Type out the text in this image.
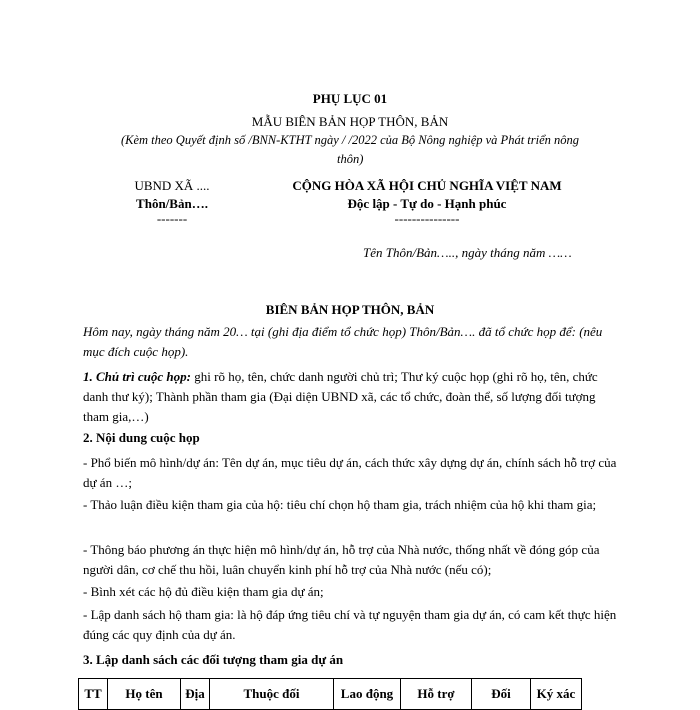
PHỤ LỤC 01
MẪU BIÊN BẢN HỌP THÔN, BẢN
(Kèm theo Quyết định số /BNN-KTHT ngày / /2022 của Bộ Nông nghiệp và Phát triển nông
thôn)
UBND XÃ ....
Thôn/Bản….
-------
CỘNG HÒA XÃ HỘI CHỦ NGHĨA VIỆT NAM
Độc lập - Tự do - Hạnh phúc
---------------
Tên Thôn/Bản….., ngày tháng năm ……
BIÊN BẢN HỌP THÔN, BẢN
Hôm nay, ngày tháng năm 20… tại (ghi địa điểm tổ chức họp) Thôn/Bản…. đã tổ chức họp để: (nêu mục đích cuộc họp).
1. Chủ trì cuộc họp: ghi rõ họ, tên, chức danh người chủ trì; Thư ký cuộc họp (ghi rõ họ, tên, chức danh thư ký); Thành phần tham gia (Đại diện UBND xã, các tổ chức, đoàn thể, số lượng đối tượng tham gia,…)
2. Nội dung cuộc họp
- Phổ biến mô hình/dự án: Tên dự án, mục tiêu dự án, cách thức xây dựng dự án, chính sách hỗ trợ của dự án …;
- Thảo luận điều kiện tham gia của hộ: tiêu chí chọn hộ tham gia, trách nhiệm của hộ khi tham gia;
- Thông báo phương án thực hiện mô hình/dự án, hỗ trợ của Nhà nước, thống nhất về đóng góp của người dân, cơ chế thu hồi, luân chuyển kinh phí hỗ trợ của Nhà nước (nếu có);
- Bình xét các hộ đủ điều kiện tham gia dự án;
- Lập danh sách hộ tham gia: là hộ đáp ứng tiêu chí và tự nguyện tham gia dự án, có cam kết thực hiện đúng các quy định của dự án.
3. Lập danh sách các đối tượng tham gia dự án
TT	Họ tên	Địa	Thuộc đối	Lao động	Hỗ trợ	Đối	Ký xác
